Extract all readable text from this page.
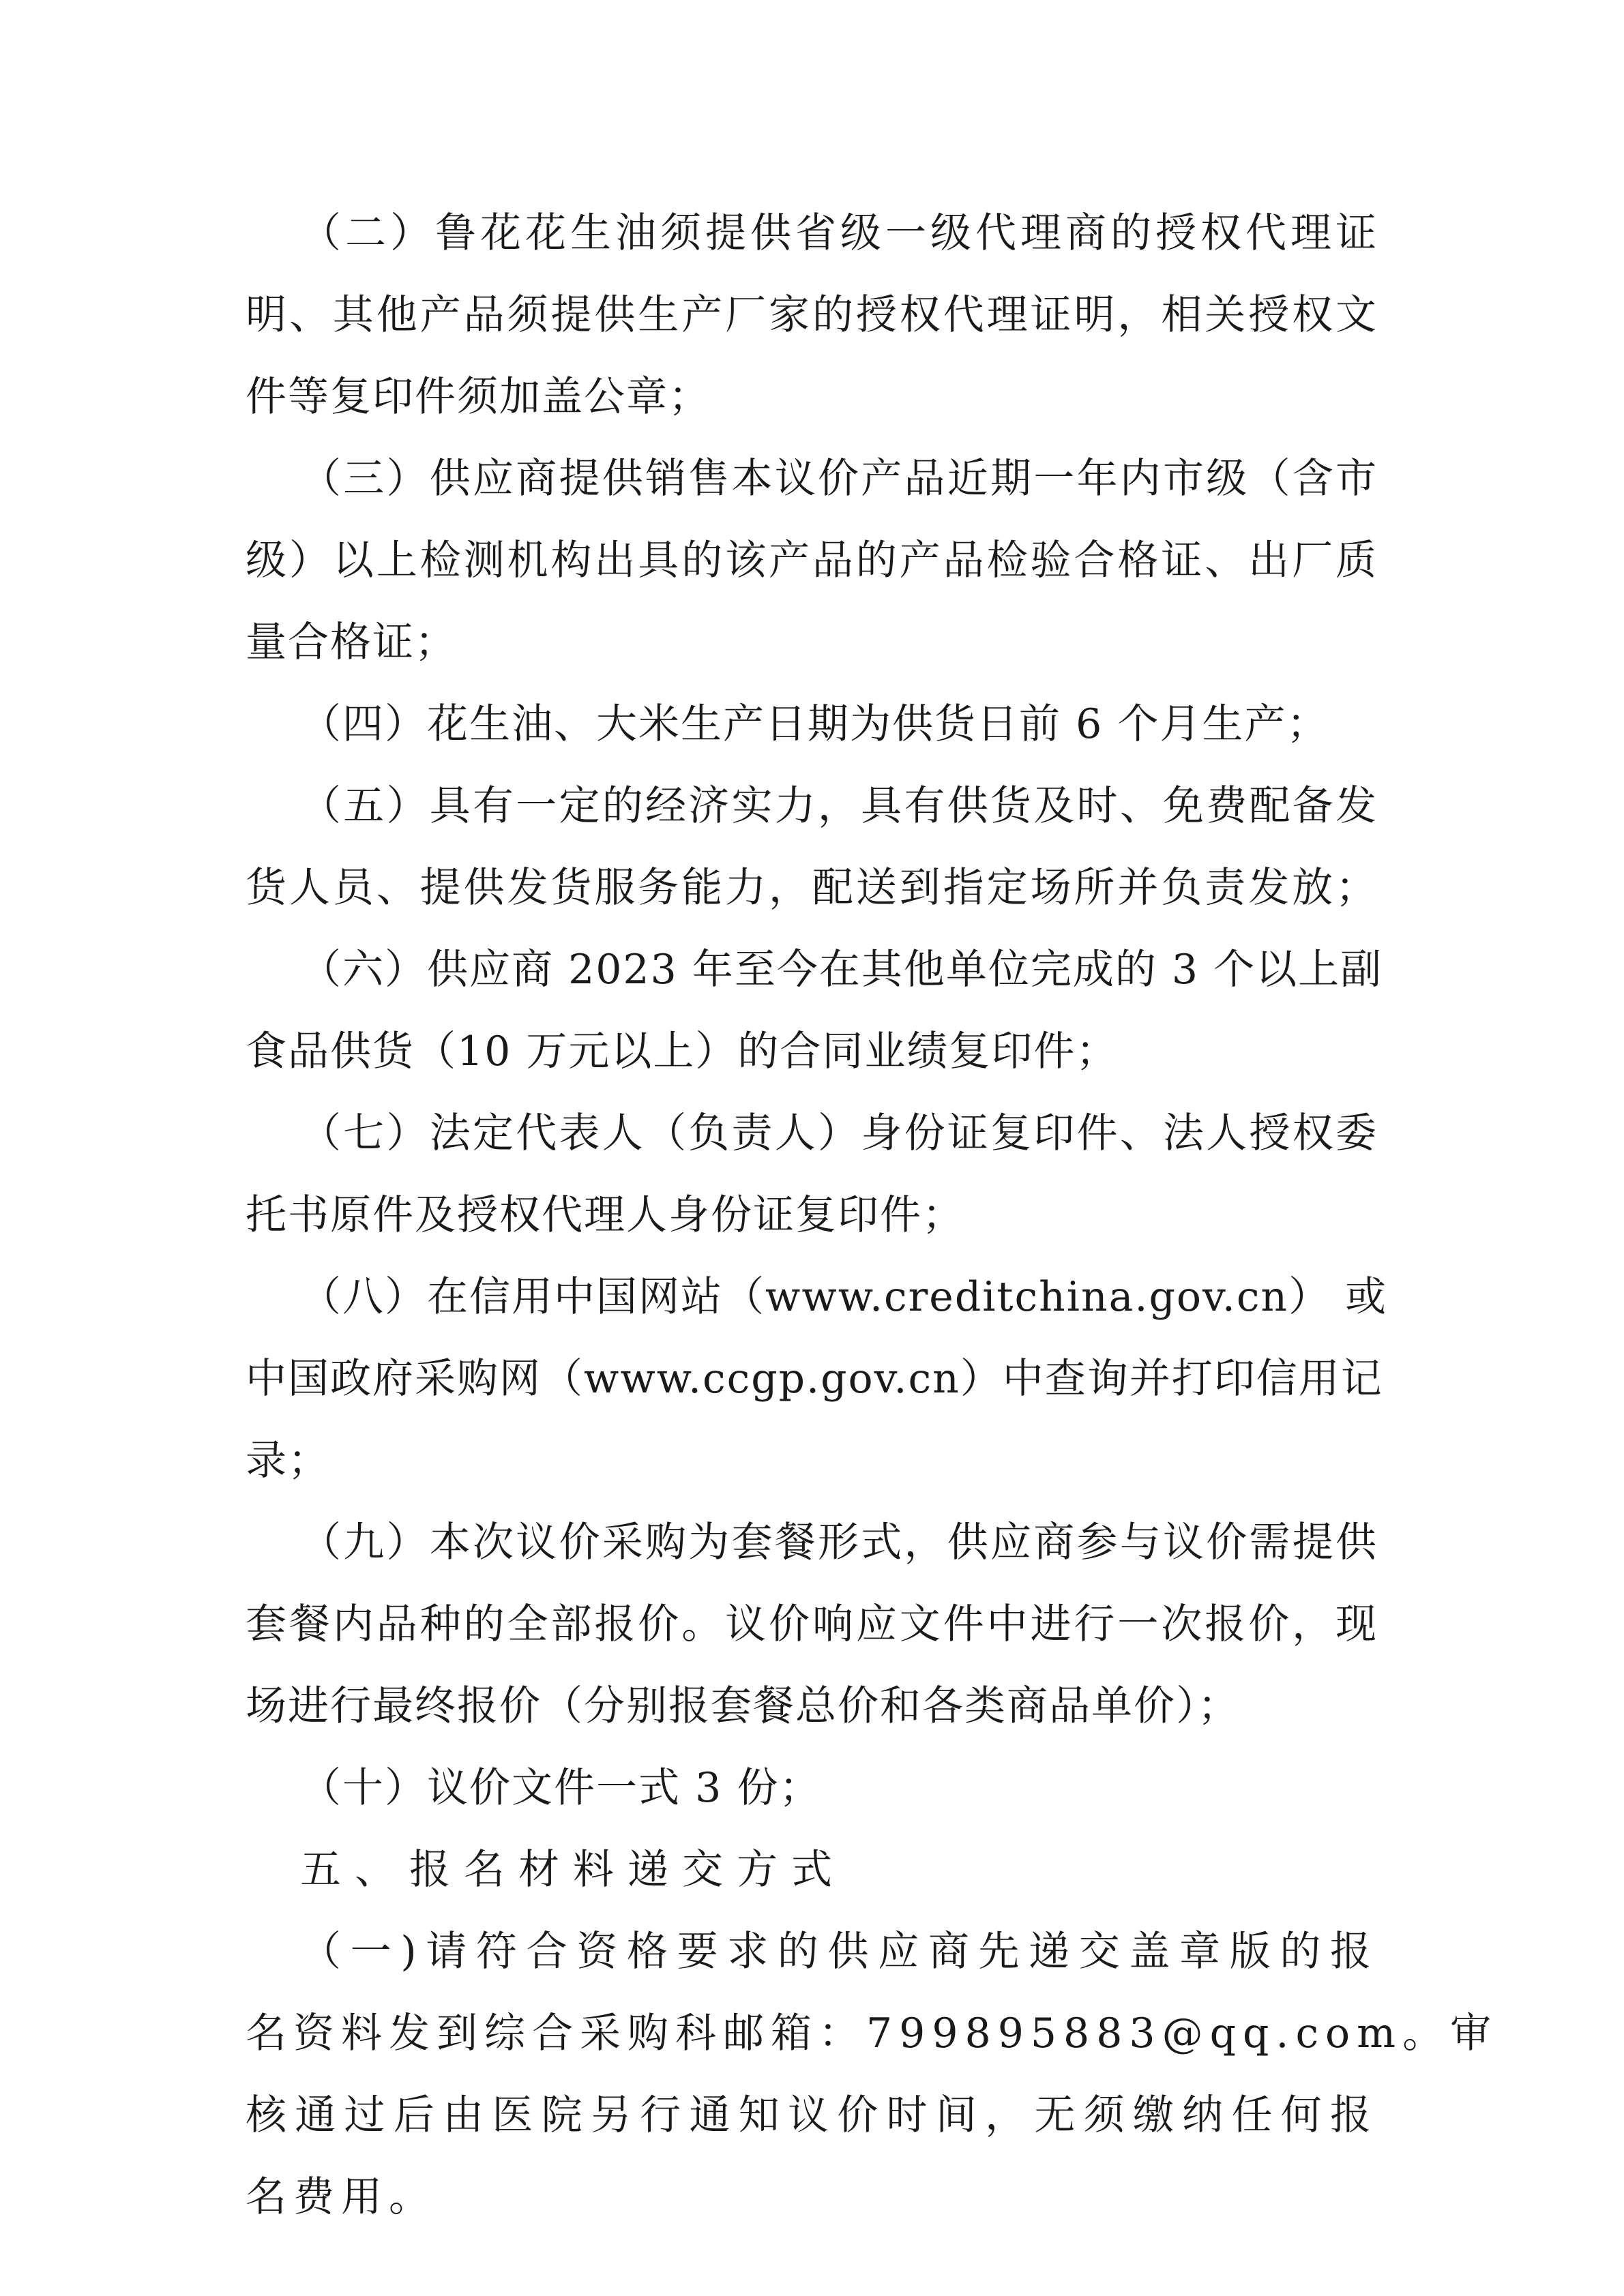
（二）鲁花花生油须提供省级一级代理商的授权代理证
明、其他产品须提供生产厂家的授权代理证明，相关授权文
件等复印件须加盖公章；
（三）供应商提供销售本议价产品近期一年内市级（含市
级）以上检测机构出具的该产品的产品检验合格证、出厂质
量合格证；
（四）花生油、大米生产日期为供货日前 6 个月生产；
（五）具有一定的经济实力，具有供货及时、免费配备发
货人员、提供发货服务能力，配送到指定场所并负责发放；
（六）供应商 2023 年至今在其他单位完成的 3 个以上副
食品供货（10 万元以上）的合同业绩复印件；
（七）法定代表人（负责人）身份证复印件、法人授权委
托书原件及授权代理人身份证复印件；
（八）在信用中国网站（www.creditchina.gov.cn） 或
中国政府采购网（www.ccgp.gov.cn）中查询并打印信用记
录；
（九）本次议价采购为套餐形式，供应商参与议价需提供
套餐内品种的全部报价。议价响应文件中进行一次报价，现
场进行最终报价（分别报套餐总价和各类商品单价）；
（十）议价文件一式 3 份；
五、报名材料递交方式
（一)请符合资格要求的供应商先递交盖章版的报
名资料发到综合采购科邮箱：799895883@qq.com。审
核通过后由医院另行通知议价时间，无须缴纳任何报
名费用。
